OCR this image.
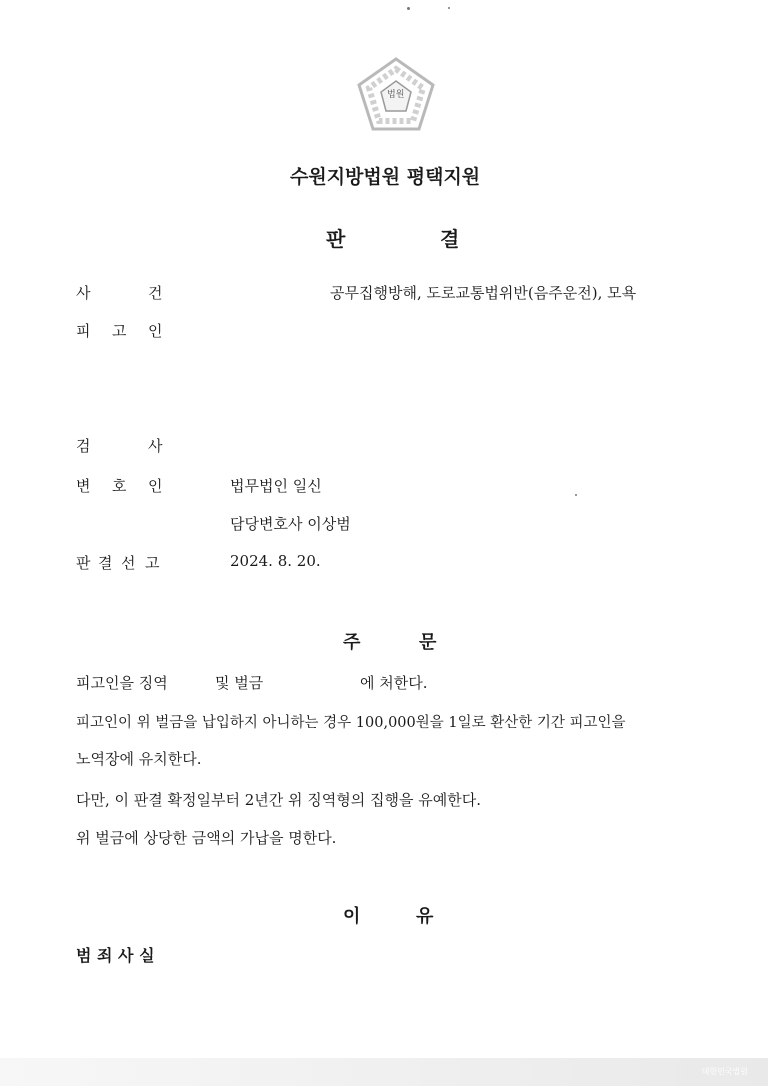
법원
수원지방법원 평택지원
판	결
사	건	공무집행방해, 도로교통법위반(음주운전), 모욕
피 고 인
검	사
변 호 인	법무법인 일신
담당변호사 이상범
판 결 선 고	2024. 8. 20.
주	문
피고인을 징역	및 벌금	에 처한다.
피고인이 위 벌금을 납입하지 아니하는 경우 100,000원을 1일로 환산한 기간 피고인을
노역장에 유치한다.
다만, 이 판결 확정일부터 2년간 위 징역형의 집행을 유예한다.
위 벌금에 상당한 금액의 가납을 명한다.
이	유
범 죄 사 실
대한민국법원
